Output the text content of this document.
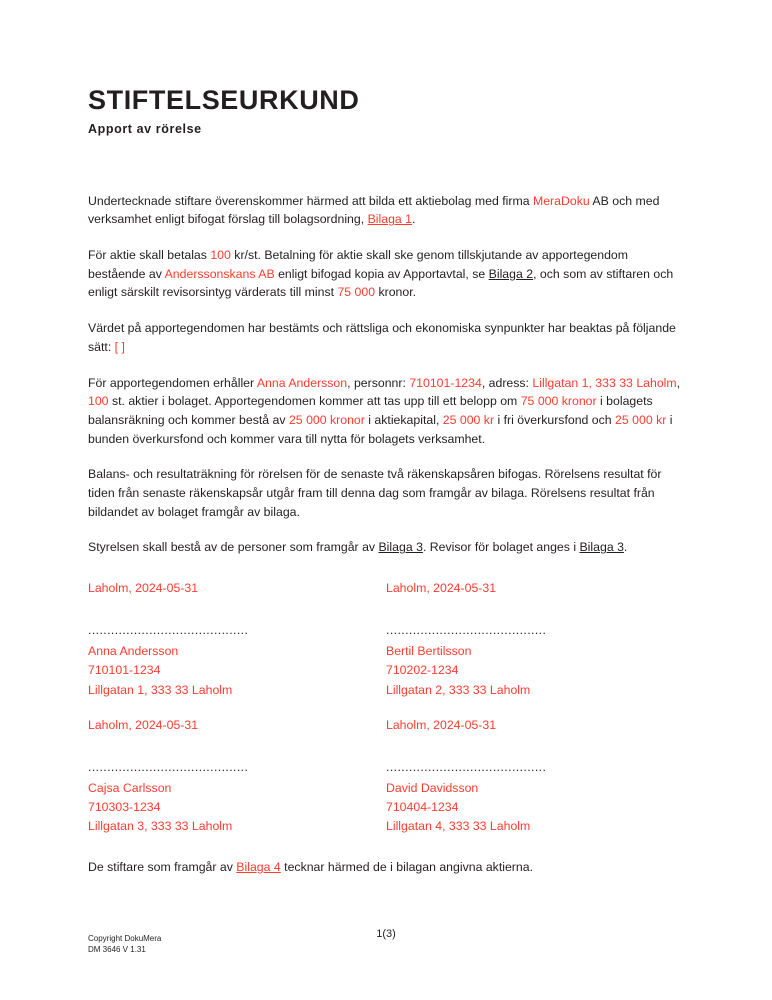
STIFTELSEURKUND
Apport av rörelse

Undertecknade stiftare överenskommer härmed att bilda ett aktiebolag med firma MeraDoku AB och med verksamhet enligt bifogat förslag till bolagsordning, Bilaga 1.

För aktie skall betalas 100 kr/st. Betalning för aktie skall ske genom tillskjutande av apportegendom bestående av Anderssonskans AB enligt bifogad kopia av Apportavtal, se Bilaga 2, och som av stiftaren och enligt särskilt revisorsintyg värderats till minst 75 000 kronor.

Värdet på apportegendomen har bestämts och rättsliga och ekonomiska synpunkter har beaktas på följande sätt: [ ]

För apportegendomen erhåller Anna Andersson, personnr: 710101-1234, adress: Lillgatan 1, 333 33 Laholm, 100 st. aktier i bolaget. Apportegendomen kommer att tas upp till ett belopp om 75 000 kronor i bolagets balansräkning och kommer bestå av 25 000 kronor i aktiekapital, 25 000 kr i fri överkursfond och 25 000 kr i bunden överkursfond och kommer vara till nytta för bolagets verksamhet.

Balans- och resultaträkning för rörelsen för de senaste två räkenskapsåren bifogas. Rörelsens resultat för tiden från senaste räkenskapsår utgår fram till denna dag som framgår av bilaga. Rörelsens resultat från bildandet av bolaget framgår av bilaga.

Styrelsen skall bestå av de personer som framgår av Bilaga 3. Revisor för bolaget anges i Bilaga 3.

Laholm, 2024-05-31

..........................................

Anna Andersson

710101-1234

Lillgatan 1, 333 33 Laholm

Laholm, 2024-05-31

..........................................

Bertil Bertilsson

710202-1234

Lillgatan 2, 333 33 Laholm

Laholm, 2024-05-31

..........................................

Cajsa Carlsson

710303-1234

Lillgatan 3, 333 33 Laholm

Laholm, 2024-05-31

..........................................

David Davidsson

710404-1234

Lillgatan 4, 333 33 Laholm

De stiftare som framgår av Bilaga 4 tecknar härmed de i bilagan angivna aktierna.

1(3)
Copyright DokuMera
DM 3646 V 1.31
